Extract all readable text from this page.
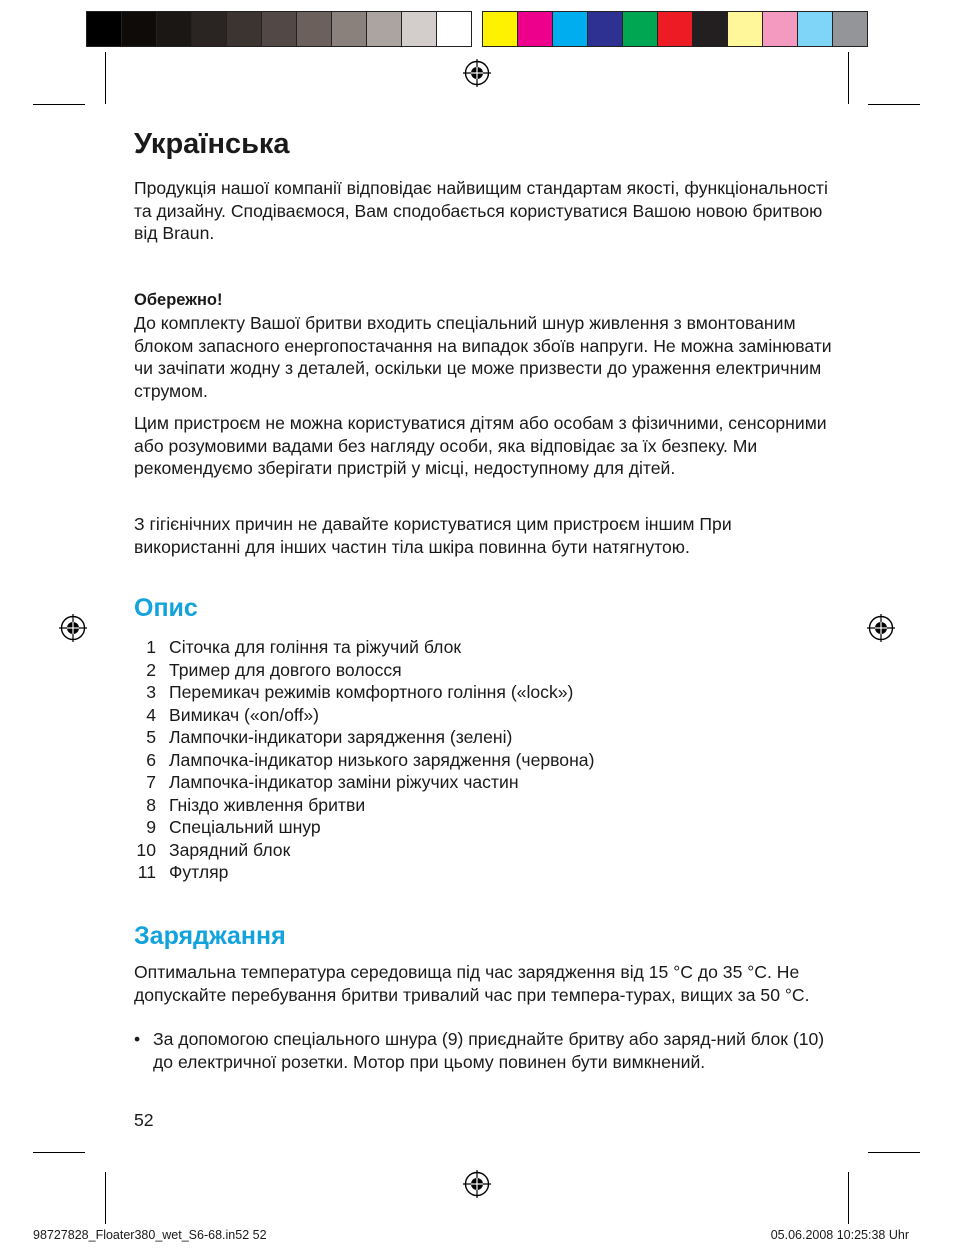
Українська

Продукція нашої компанії відповідає найвищим стандартам якості, функціональності та дизайну. Сподіваємося, Вам сподобається користуватися Вашою новою бритвою від Braun.

Обережно!

До комплекту Вашої бритви входить спеціальний шнур живлення з вмонтованим блоком запасного енергопостачання на випадок збоїв напруги. Не можна замінювати чи зачіпати жодну з деталей, оскільки це може призвести до ураження електричним струмом.

Цим пристроєм не можна користуватися дітям або особам з фізичними, сенсорними або розумовими вадами без нагляду особи, яка відповідає за їх безпеку. Ми рекомендуємо зберігати пристрій у місці, недоступному для дітей.

З гігієнічних причин не давайте користуватися цим пристроєм іншим При використанні для інших частин тіла шкіра повинна бути натягнутою.

Опис
1 Сіточка для гоління та ріжучий блок
2 Тример для довгого волосся
3 Перемикач режимів комфортного гоління («lock»)
4 Вимикач («on/off»)
5 Лампочки-індикатори зарядження (зелені)
6 Лампочка-індикатор низького зарядження (червона)
7 Лампочка-індикатор заміни ріжучих частин
8 Гніздо живлення бритви
9 Спеціальний шнур
10 Зарядний блок
11 Футляр
Заряджання

Оптимальна температура середовища під час зарядження від 15 °C до 35 °C. Не допускайте перебування бритви тривалий час при темпера-турах, вищих за 50 °C.

• За допомогою спеціального шнура (9) приєднайте бритву або заряд-ний блок (10) до електричної розетки. Мотор при цьому повинен бути вимкнений.
52
98727828_Floater380_wet_S6-68.in52 52	05.06.2008 10:25:38 Uhr
